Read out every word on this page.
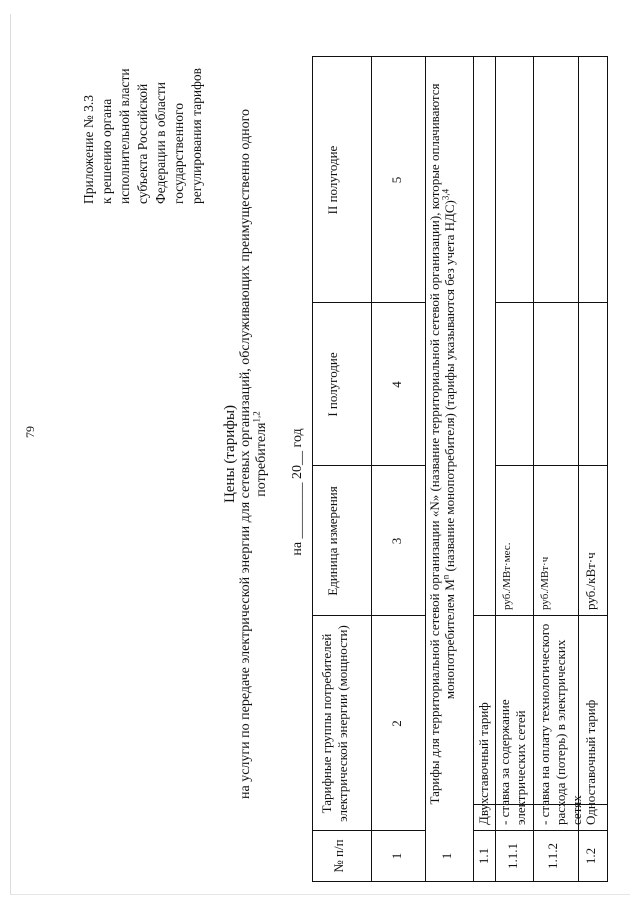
79
Приложение № 3.3 к решению органа исполнительной власти субъекта Российской Федерации в области государственного регулирования тарифов
Цены (тарифы) на услуги по передаче электрической энергии для сетевых организаций, обслуживающих преимущественно одного потребителя$^{1,2}$
на ________ 20__ год
№ п/п
Тарифные группы потребителей электрической энергии (мощности)
Единица измерения
I полугодие
II полугодие
1
2
3
4
5
1
Тарифы для территориальной сетевой организации «N» (название территориальной сетевой организации), которые оплачиваются монопотребителем $М^n$ (название монопотребителя) (тарифы указываются без учета НДС)$^{3,4}$
1.1
Двухставочный тариф
1.1.1
- ставка за содержание электрических сетей
руб./МВт·мес.
1.1.2
- ставка на оплату технологического расхода (потерь) в электрических сетях
руб./МВт·ч
1.2
Одноставочный тариф
руб./кВт·ч
